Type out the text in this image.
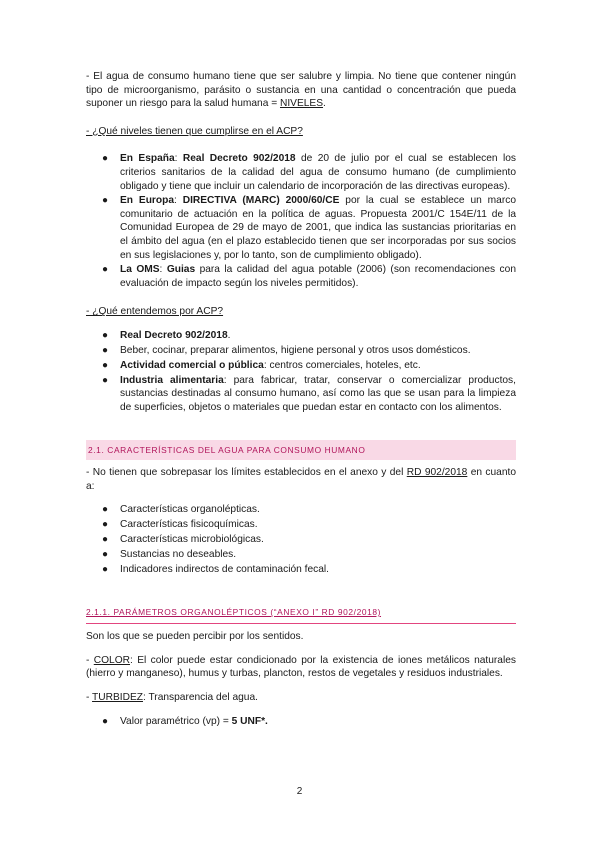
- El agua de consumo humano tiene que ser salubre y limpia. No tiene que contener ningún tipo de microorganismo, parásito o sustancia en una cantidad o concentración que pueda suponer un riesgo para la salud humana = NIVELES.

- ¿Qué niveles tienen que cumplirse en el ACP?

● En España: Real Decreto 902/2018 de 20 de julio por el cual se establecen los criterios sanitarios de la calidad del agua de consumo humano (de cumplimiento obligado y tiene que incluir un calendario de incorporación de las directivas europeas).
● En Europa: DIRECTIVA (MARC) 2000/60/CE por la cual se establece un marco comunitario de actuación en la política de aguas. Propuesta 2001/C 154E/11 de la Comunidad Europea de 29 de mayo de 2001, que indica las sustancias prioritarias en el ámbito del agua (en el plazo establecido tienen que ser incorporadas por sus socios en sus legislaciones y, por lo tanto, son de cumplimiento obligado).
● La OMS: Guias para la calidad del agua potable (2006) (son recomendaciones con evaluación de impacto según los niveles permitidos).

- ¿Qué entendemos por ACP?

● Real Decreto 902/2018.
● Beber, cocinar, preparar alimentos, higiene personal y otros usos domésticos.
● Actividad comercial o pública: centros comerciales, hoteles, etc.
● Industria alimentaria: para fabricar, tratar, conservar o comercializar productos, sustancias destinadas al consumo humano, así como las que se usan para la limpieza de superficies, objetos o materiales que puedan estar en contacto con los alimentos.
2.1. CARACTERÍSTICAS DEL AGUA PARA CONSUMO HUMANO

- No tienen que sobrepasar los límites establecidos en el anexo y del RD 902/2018 en cuanto a:

● Características organolépticas.
● Características fisicoquímicas.
● Características microbiológicas.
● Sustancias no deseables.
● Indicadores indirectos de contaminación fecal.
2.1.1. PARÁMETROS ORGANOLÉPTICOS (“ANEXO I” RD 902/2018)

Son los que se pueden percibir por los sentidos.

- COLOR: El color puede estar condicionado por la existencia de iones metálicos naturales (hierro y manganeso), humus y turbas, plancton, restos de vegetales y residuos industriales.

- TURBIDEZ: Transparencia del agua.

● Valor paramétrico (vp) = 5 UNF*.
2
